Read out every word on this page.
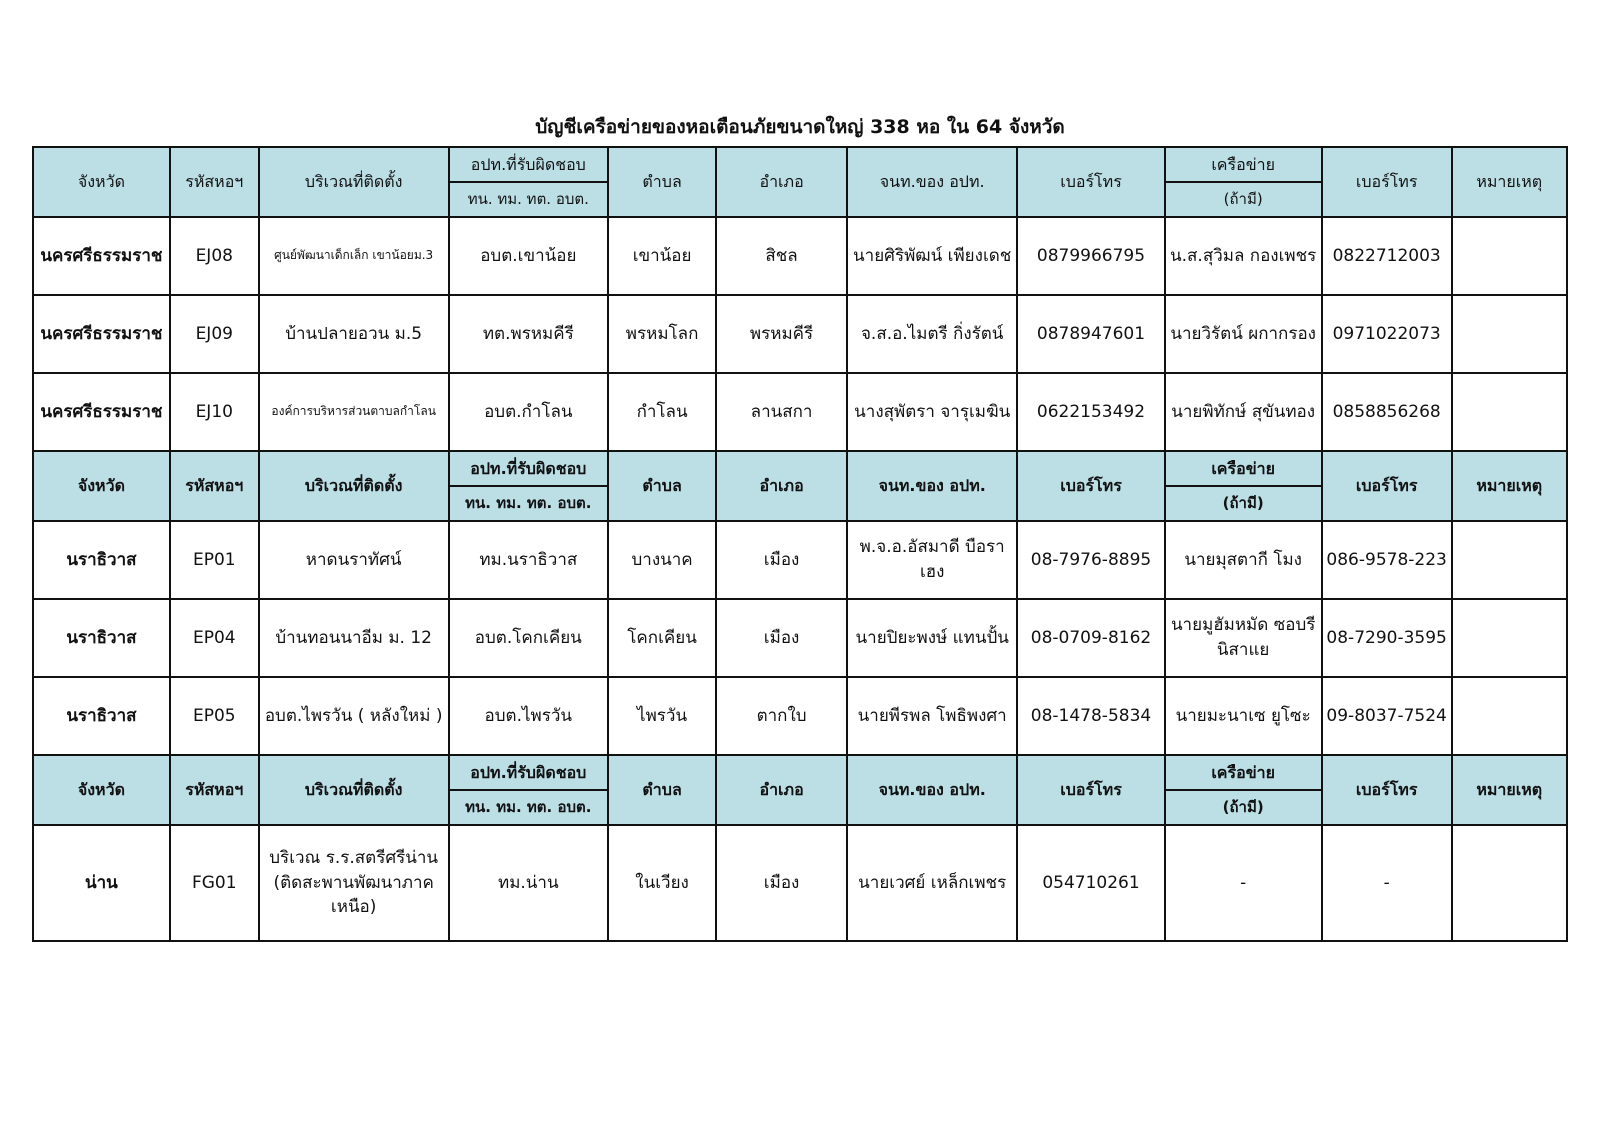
บัญชีเครือข่ายของหอเตือนภัยขนาดใหญ่ 338 หอ ใน 64 จังหวัด
จังหวัด	รหัสหอฯ	บริเวณที่ติดตั้ง	อปท.ที่รับผิดชอบ	ตำบล	อำเภอ	จนท.ของ อปท.	เบอร์โทร	เครือข่าย	เบอร์โทร	หมายเหตุ
			ทน. ทม. ทต. อบต.					(ถ้ามี)		
นครศรีธรรมราช	EJ08	ศูนย์พัฒนาเด็กเล็ก เขาน้อยม.3	อบต.เขาน้อย	เขาน้อย	สิชล	นายศิริพัฒน์ เพียงเดช	0879966795	น.ส.สุวิมล กองเพชร	0822712003	
นครศรีธรรมราช	EJ09	บ้านปลายอวน ม.5	ทต.พรหมคีรี	พรหมโลก	พรหมคีรี	จ.ส.อ.ไมตรี กิ่งรัตน์	0878947601	นายวิรัตน์ ผกากรอง	0971022073	
นครศรีธรรมราช	EJ10	องค์การบริหารส่วนตาบลกำโลน	อบต.กำโลน	กำโลน	ลานสกา	นางสุพัตรา จารุเมฆิน	0622153492	นายพิทักษ์ สุขันทอง	0858856268	
จังหวัด	รหัสหอฯ	บริเวณที่ติดตั้ง	อปท.ที่รับผิดชอบ	ตำบล	อำเภอ	จนท.ของ อปท.	เบอร์โทร	เครือข่าย	เบอร์โทร	หมายเหตุ
			ทน. ทม. ทต. อบต.					(ถ้ามี)		
นราธิวาส	EP01	หาดนราทัศน์	ทม.นราธิวาส	บางนาค	เมือง	พ.จ.อ.อัสมาดี บือราเฮง	08-7976-8895	นายมุสตากี โมง	086-9578-223	
นราธิวาส	EP04	บ้านทอนนาอีม ม. 12	อบต.โคกเคียน	โคกเคียน	เมือง	นายปิยะพงษ์ แทนปั้น	08-0709-8162	นายมูฮัมหมัด ซอบรีนิสาแย	08-7290-3595	
นราธิวาส	EP05	อบต.ไพรวัน ( หลังใหม่ )	อบต.ไพรวัน	ไพรวัน	ตากใบ	นายพีรพล โพธิพงศา	08-1478-5834	นายมะนาเซ ยูโซะ	09-8037-7524	
จังหวัด	รหัสหอฯ	บริเวณที่ติดตั้ง	อปท.ที่รับผิดชอบ	ตำบล	อำเภอ	จนท.ของ อปท.	เบอร์โทร	เครือข่าย	เบอร์โทร	หมายเหตุ
			ทน. ทม. ทต. อบต.					(ถ้ามี)		
น่าน	FG01	บริเวณ ร.ร.สตรีศรีน่าน (ติดสะพานพัฒนาภาคเหนือ)	ทม.น่าน	ในเวียง	เมือง	นายเวศย์ เหล็กเพชร	054710261	-	-	
